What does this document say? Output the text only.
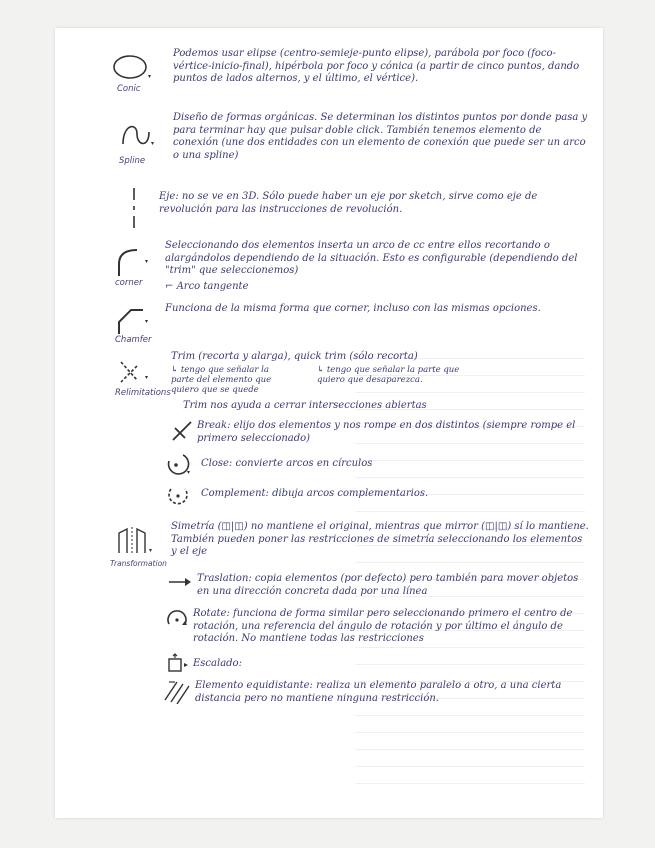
Conic
Podemos usar elipse (centro-semieje-punto elipse), parábola por foco (foco-vértice-inicio-final), hipérbola por foco y cónica (a partir de cinco puntos, dando puntos de lados alternos, y el último, el vértice).
Spline
Diseño de formas orgánicas. Se determinan los distintos puntos por donde pasa y para terminar hay que pulsar doble click. También tenemos elemento de conexión (une dos entidades con un elemento de conexión que puede ser un arco o una spline)
Eje: no se ve en 3D. Sólo puede haber un eje por sketch, sirve como eje de revolución para las instrucciones de revolución.
corner
Seleccionando dos elementos inserta un arco de cc entre ellos recortando o alargándolos dependiendo de la situación. Esto es configurable (dependiendo del "trim" que seleccionemos)
⌐ Arco tangente
Chamfer
Funciona de la misma forma que corner, incluso con las mismas opciones.
Relimitations
Trim (recorta y alarga), quick trim (sólo recorta)
↳ tengo que señalar la parte del elemento que quiero que se quede
↳ tengo que señalar la parte que quiero que desaparezca.
Trim nos ayuda a cerrar intersecciones abiertas
Break: elijo dos elementos y nos rompe en dos distintos (siempre rompe el primero seleccionado)
Close: convierte arcos en círculos
Complement: dibuja arcos complementarios.
Transformation
Simetría (◫|◫) no mantiene el original, mientras que mirror (◫|◫) sí lo mantiene. También pueden poner las restricciones de simetría seleccionando los elementos y el eje
Traslation: copia elementos (por defecto) pero también para mover objetos en una dirección concreta dada por una línea
Rotate: funciona de forma similar pero seleccionando primero el centro de rotación, una referencia del ángulo de rotación y por último el ángulo de rotación. No mantiene todas las restricciones
Escalado:
Elemento equidistante: realiza un elemento paralelo a otro, a una cierta distancia pero no mantiene ninguna restricción.
